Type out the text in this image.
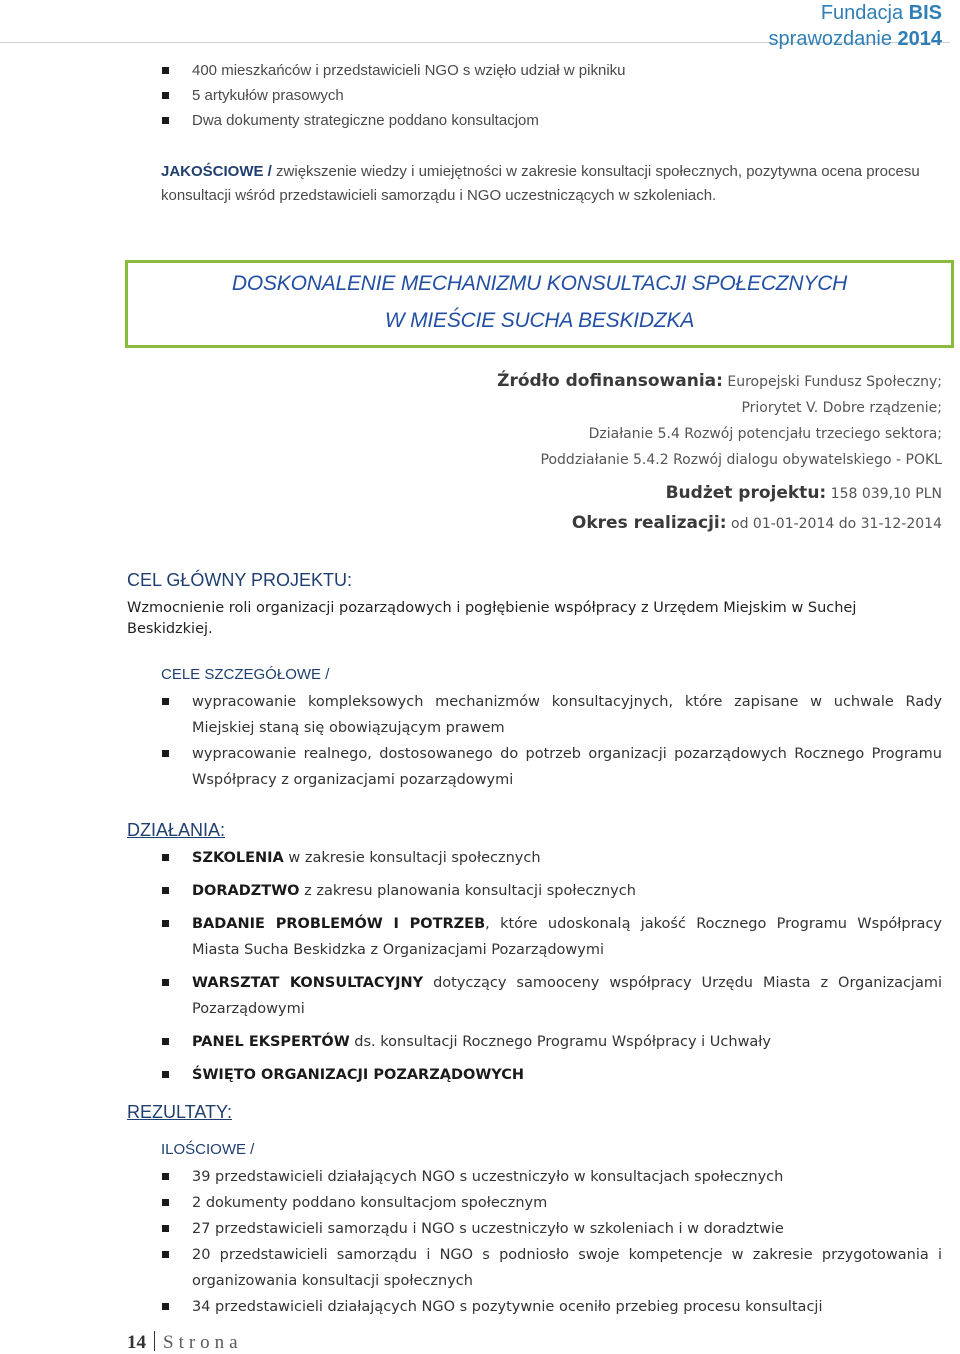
Fundacja BIS
sprawozdanie 2014
400 mieszkańców i przedstawicieli NGO s wzięło udział w pikniku
5 artykułów prasowych
Dwa dokumenty strategiczne poddano konsultacjom
JAKOŚCIOWE / zwiększenie wiedzy i umiejętności w zakresie konsultacji społecznych, pozytywna ocena procesu konsultacji wśród przedstawicieli samorządu i NGO uczestniczących w szkoleniach.
DOSKONALENIE MECHANIZMU KONSULTACJI SPOŁECZNYCH
W MIEŚCIE SUCHA BESKIDZKA
Źródło dofinansowania: Europejski Fundusz Społeczny;
Priorytet V. Dobre rządzenie;
Działanie 5.4 Rozwój potencjału trzeciego sektora;
Poddziałanie 5.4.2 Rozwój dialogu obywatelskiego - POKL
Budżet projektu: 158 039,10 PLN
Okres realizacji: od 01-01-2014 do 31-12-2014
CEL GŁÓWNY PROJEKTU:
Wzmocnienie roli organizacji pozarządowych i pogłębienie współpracy z Urzędem Miejskim w Suchej Beskidzkiej.
CELE SZCZEGÓŁOWE /
wypracowanie kompleksowych mechanizmów konsultacyjnych, które zapisane w uchwale Rady Miejskiej staną się obowiązującym prawem
wypracowanie realnego, dostosowanego do potrzeb organizacji pozarządowych Rocznego Programu Współpracy z organizacjami pozarządowymi
DZIAŁANIA:
SZKOLENIA w zakresie konsultacji społecznych
DORADZTWO z zakresu planowania konsultacji społecznych
BADANIE PROBLEMÓW I POTRZEB, które udoskonalą jakość Rocznego Programu Współpracy Miasta Sucha Beskidzka z Organizacjami Pozarządowymi
WARSZTAT KONSULTACYJNY dotyczący samooceny współpracy Urzędu Miasta z Organizacjami Pozarządowymi
PANEL EKSPERTÓW ds. konsultacji Rocznego Programu Współpracy i Uchwały
ŚWIĘTO ORGANIZACJI POZARZĄDOWYCH
REZULTATY:
ILOŚCIOWE /
39 przedstawicieli działających NGO s uczestniczyło w konsultacjach społecznych
2 dokumenty poddano konsultacjom społecznym
27 przedstawicieli samorządu i NGO s uczestniczyło w szkoleniach i w doradztwie
20 przedstawicieli samorządu i NGO s podniosło swoje kompetencje w zakresie przygotowania i organizowania konsultacji społecznych
34 przedstawicieli działających NGO s pozytywnie oceniło przebieg procesu konsultacji
14 Strona
